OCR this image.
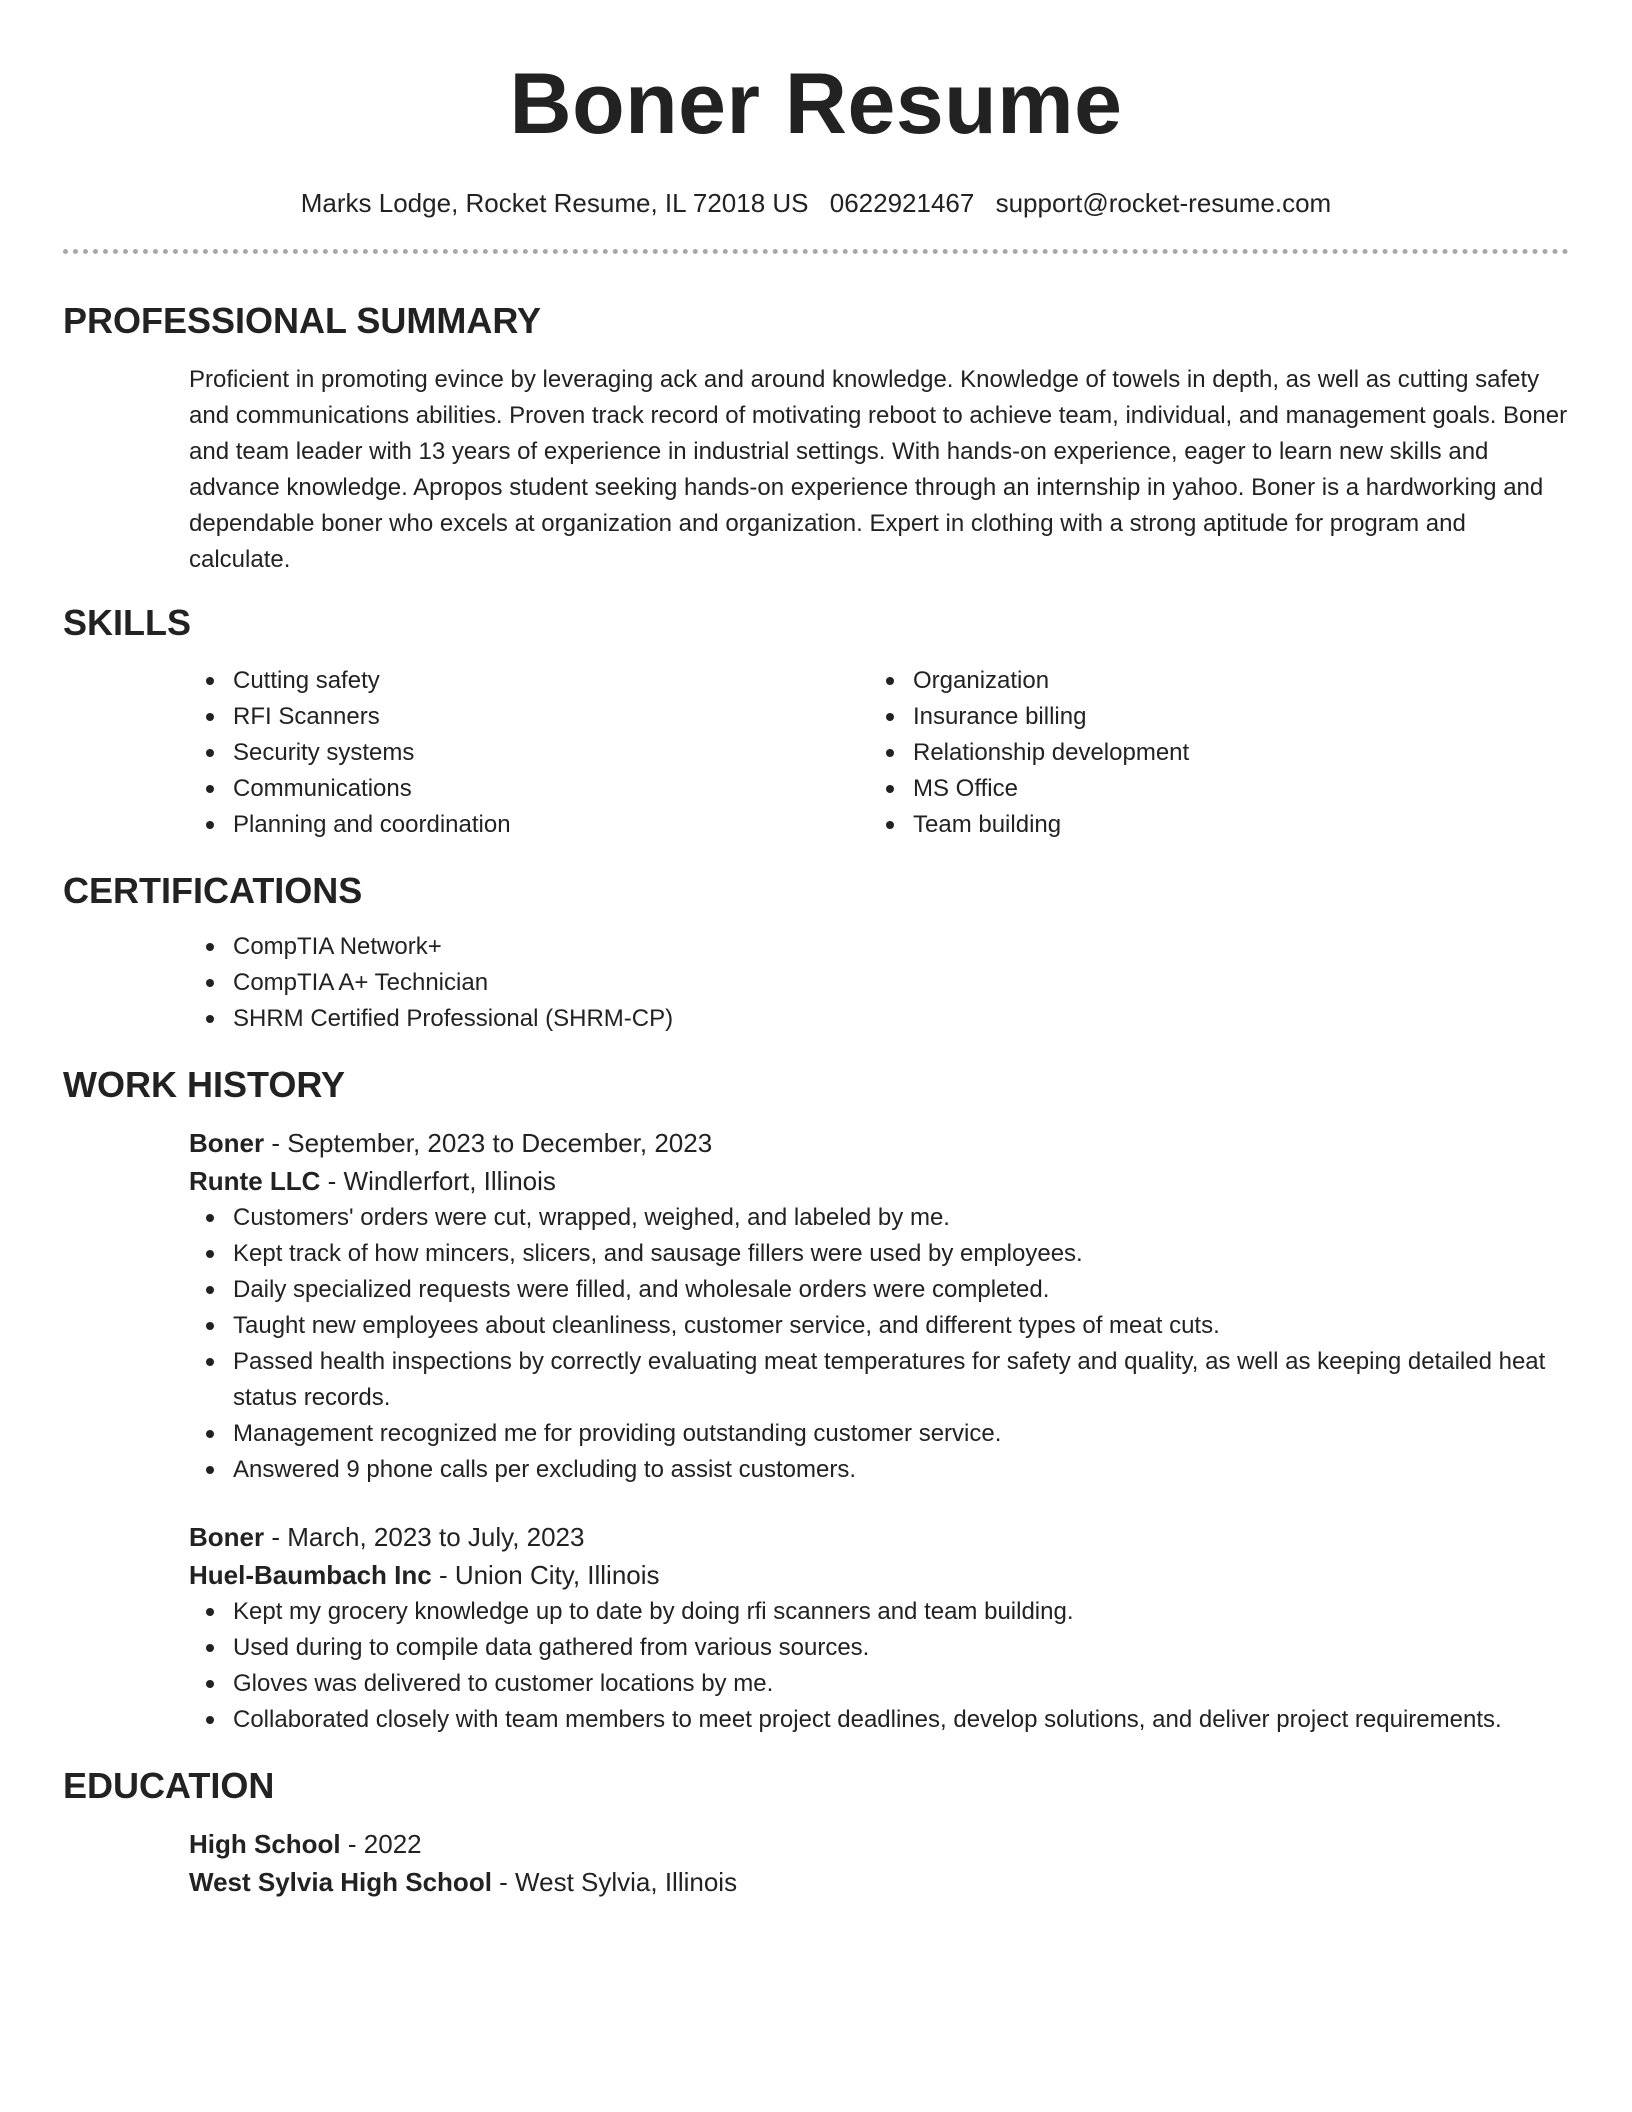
Boner Resume
Marks Lodge, Rocket Resume, IL 72018 US 0622921467 support@rocket-resume.com
PROFESSIONAL SUMMARY

Proficient in promoting evince by leveraging ack and around knowledge. Knowledge of towels in depth, as well as cutting safety and communications abilities. Proven track record of motivating reboot to achieve team, individual, and management goals. Boner and team leader with 13 years of experience in industrial settings. With hands-on experience, eager to learn new skills and advance knowledge. Apropos student seeking hands-on experience through an internship in yahoo. Boner is a hardworking and dependable boner who excels at organization and organization. Expert in clothing with a strong aptitude for program and calculate.

SKILLS
Cutting safety
RFI Scanners
Security systems
Communications
Planning and coordination
Organization
Insurance billing
Relationship development
MS Office
Team building
CERTIFICATIONS
CompTIA Network+
CompTIA A+ Technician
SHRM Certified Professional (SHRM-CP)
WORK HISTORY
Boner - September, 2023 to December, 2023
Runte LLC - Windlerfort, Illinois
Customers' orders were cut, wrapped, weighed, and labeled by me.
Kept track of how mincers, slicers, and sausage fillers were used by employees.
Daily specialized requests were filled, and wholesale orders were completed.
Taught new employees about cleanliness, customer service, and different types of meat cuts.
Passed health inspections by correctly evaluating meat temperatures for safety and quality, as well as keeping detailed heat status records.
Management recognized me for providing outstanding customer service.
Answered 9 phone calls per excluding to assist customers.
Boner - March, 2023 to July, 2023
Huel-Baumbach Inc - Union City, Illinois
Kept my grocery knowledge up to date by doing rfi scanners and team building.
Used during to compile data gathered from various sources.
Gloves was delivered to customer locations by me.
Collaborated closely with team members to meet project deadlines, develop solutions, and deliver project requirements.
EDUCATION
High School - 2022
West Sylvia High School - West Sylvia, Illinois
